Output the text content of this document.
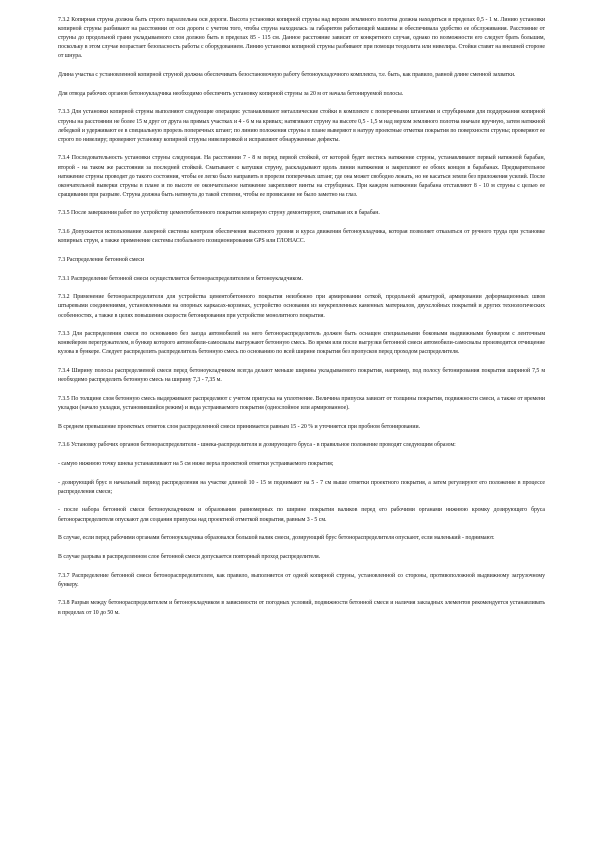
7.3.2 Копирная струна должна быть строго параллельна оси дороги. Высота установки копирной струны над верхом земляного полотна должна находиться в пределах 0,5 - 1 м. Линию установки копирной струны разбивают на расстоянии от оси дороги с учетом того, чтобы струна находилась за габаритом работающей машины и обеспечивала удобство ее обслуживания. Расстояние от струны до продольной грани укладываемого слоя должно быть в пределах 85 - 115 см. Данное расстояние зависит от конкретного случая, однако по возможности его следует брать большим, поскольку в этом случае возрастает безопасность работы с оборудованием. Линию установки копирной струны разбивают при помощи теодолита или нивелира. Стойки ставят на внешней стороне от шнура.

Длина участка с установленной копирной струной должна обеспечивать безостановочную работу бетоноукладочного комплекта, т.е. быть, как правило, равной длине сменной захватки.

Для отвода рабочих органов бетоноукладчика необходимо обеспечить установку копирной струны за 20 м от начала бетонируемой полосы.

7.3.3 Для установки копирной струны выполняют следующие операции: устанавливают металлические стойки в комплекте с поперечными штангами и струбцинами для поддержания копирной струны на расстоянии не более 15 м друг от друга на прямых участках и 4 - 6 м на кривых; натягивают струну на высоте 0,5 - 1,5 м над верхом земляного полотна вначале вручную, затем натяжной лебедкой и удерживают ее в специальную прорезь поперечных штанг; по линию положения струны в плане выверяют в натуру проектные отметки покрытия по поверхности струны; проверяют ее строго по нивелиру; проверяют установку копирной струны нивелировкой и исправляют обнаруженные дефекты.

7.3.4 Последовательность установки струны следующая. На расстоянии 7 - 8 м перед первой стойкой, от которой будет вестись натяжение струны, устанавливают первый натяжной барабан, второй - на таком же расстоянии за последней стойкой. Сматывают с катушки струну, раскладывают вдоль линии натяжения и закрепляют ее обоих концов в барабанах. Предварительное натяжение струны проводят до такого состояния, чтобы ее легко было направить в прорези поперечных штанг, где она может свободно лежать, но не касаться земли без приложения усилий. После окончательной выверки струны в плане и по высоте ее окончательное натяжение закрепляют винты на струбцинах. При каждом натяжении барабана отставляют 8 - 10 м струны с целью ее сращивания при разрыве. Струна должна быть натянута до такой степени, чтобы ее провисание не было заметно на глаз.

7.3.5 После завершения работ по устройству цементобетонного покрытия копирную струну демонтируют, сматывая их в барабан.

7.3.6 Допускается использование лазерной системы контроля обеспечения высотного уровня и курса движения бетоноукладчика, которая позволяет отказаться от ручного труда при установке копирных струн, а также применение системы глобального позиционирования GPS или ГЛОНАСС.

7.3 Распределение бетонной смеси

7.3.1 Распределение бетонной смеси осуществляется бетонораспределителем и бетоноукладчиком.

7.3.2 Применение бетонораспределителя для устройства цементобетонного покрытия неизбежно при армировании сеткой, продольной арматурой, армировании деформационных швов штыревыми соединениями, установленными на опорных каркасах-корзинах, устройство основания из неукрепленных каменных материалов, двухслойных покрытий и других технологических особенностях, а также в целях повышения скорости бетонирования при устройстве монолитного покрытия.

7.3.3 Для распределения смеси по основанию без заезда автомобилей на него бетонораспределитель должен быть оснащен специальными боковыми выдвижными бункером с ленточным конвейером перегружателем, в бункер которого автомобили-самосвалы выгружают бетонную смесь. Во время или после выгрузки бетонной смеси автомобили-самосвалы производится отчищение кузова в бункере. Следует распределить распределитель бетонную смесь по основанию по всей ширине покрытия без пропусков перед проходом распределителя.

7.3.4 Ширину полосы распределяемой смеси перед бетоноукладчиком всегда делают меньше ширины укладываемого покрытия, например, под полосу бетонирования покрытия шириной 7,5 м необходимо распределить бетонную смесь на ширину 7,3 - 7,35 м.

7.3.5 По толщине слоя бетонную смесь выдерживают распределяют с учетом припуска на уплотнение. Величина припуска зависит от толщины покрытия, подвижности смеси, а также от времени укладки (начало укладки, установившийся режим) и вида устраиваемого покрытия (однослойное или армированное).

В среднем превышение проектных отметок слоя распределенной смеси принимается равным 15 - 20 % и уточняется при пробном бетонировании.

7.3.6 Установку рабочих органов бетонораспределителя - шнека-распределителя и дозирующего бруса - в правильное положение проводят следующим образом:

- самую нижнюю точку шнека устанавливают на 5 см ниже верха проектной отметки устраиваемого покрытия;

- дозирующий брус в начальный период распределения на участке длиной 10 - 15 м поднимают на 5 - 7 см выше отметки проектного покрытия, а затем регулируют его положение в процессе распределения смеси;

- после набора бетонной смеси бетоноукладчиком и образования равномерных по ширине покрытия валиков перед его рабочими органами нижнюю кромку дозирующего бруса бетонораспределителя опускают для создания припуска над проектной отметкой покрытия, равным 3 - 5 см.

В случае, если перед рабочими органами бетоноукладчика образовался большой валик смеси, дозирующий брус бетонораспределителя опускают, если маленький - поднимают.

В случае разрыва в распределенном слое бетонной смеси допускается повторный проход распределителя.

7.3.7 Распределение бетонной смеси бетонораспределителем, как правило, выполняется от одной копирной струны, установленной со стороны, противоположной выдвижному загрузочному бункеру.

7.3.8 Разрыв между бетонораспределителем и бетоноукладчиком в зависимости от погодных условий, подвижности бетонной смеси и наличия закладных элементов рекомендуется устанавливать в пределах от 10 до 50 м.
